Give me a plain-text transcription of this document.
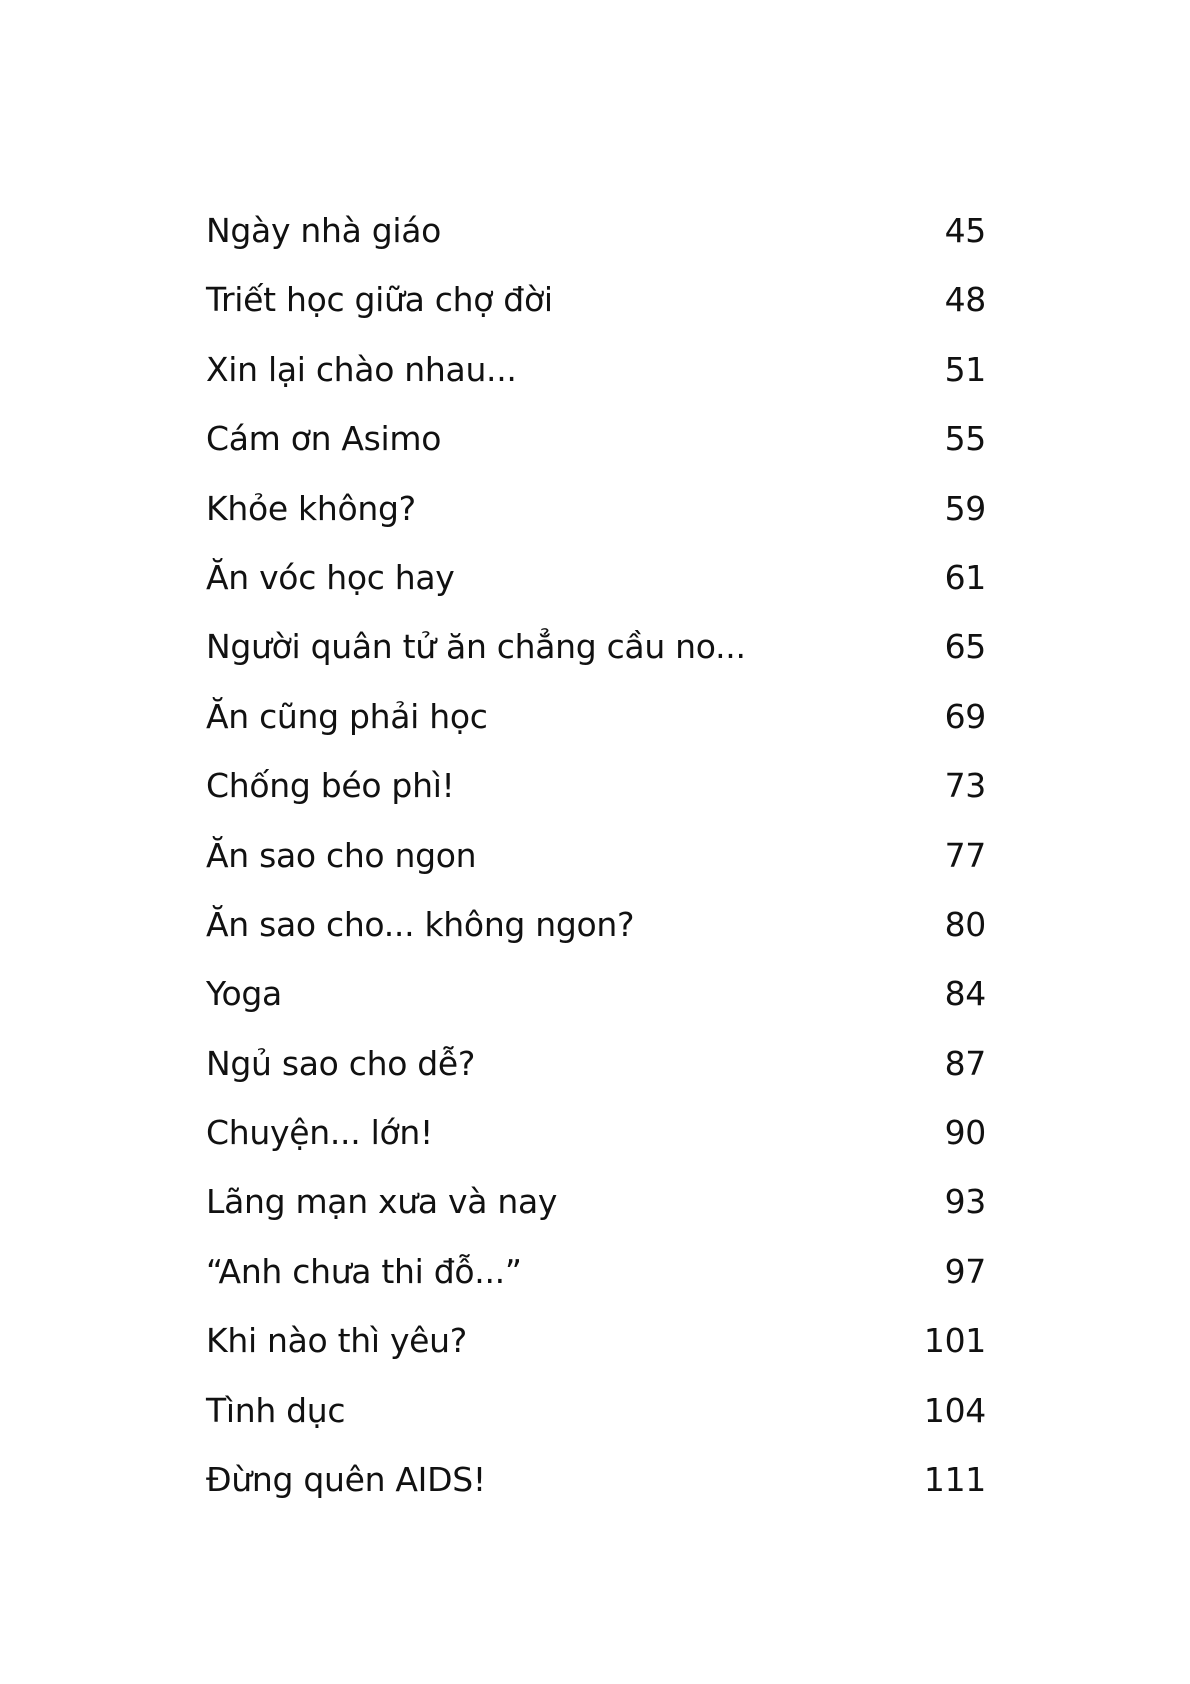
Ngày nhà giáo	45
Triết học giữa chợ đời	48
Xin lại chào nhau...	51
Cám ơn Asimo	55
Khỏe không?	59
Ăn vóc học hay	61
Người quân tử ăn chẳng cầu no...	65
Ăn cũng phải học	69
Chống béo phì!	73
Ăn sao cho ngon	77
Ăn sao cho... không ngon?	80
Yoga	84
Ngủ sao cho dễ?	87
Chuyện... lớn!	90
Lãng mạn xưa và nay	93
“Anh chưa thi đỗ...”	97
Khi nào thì yêu?	101
Tình dục	104
Đừng quên AIDS!	111
